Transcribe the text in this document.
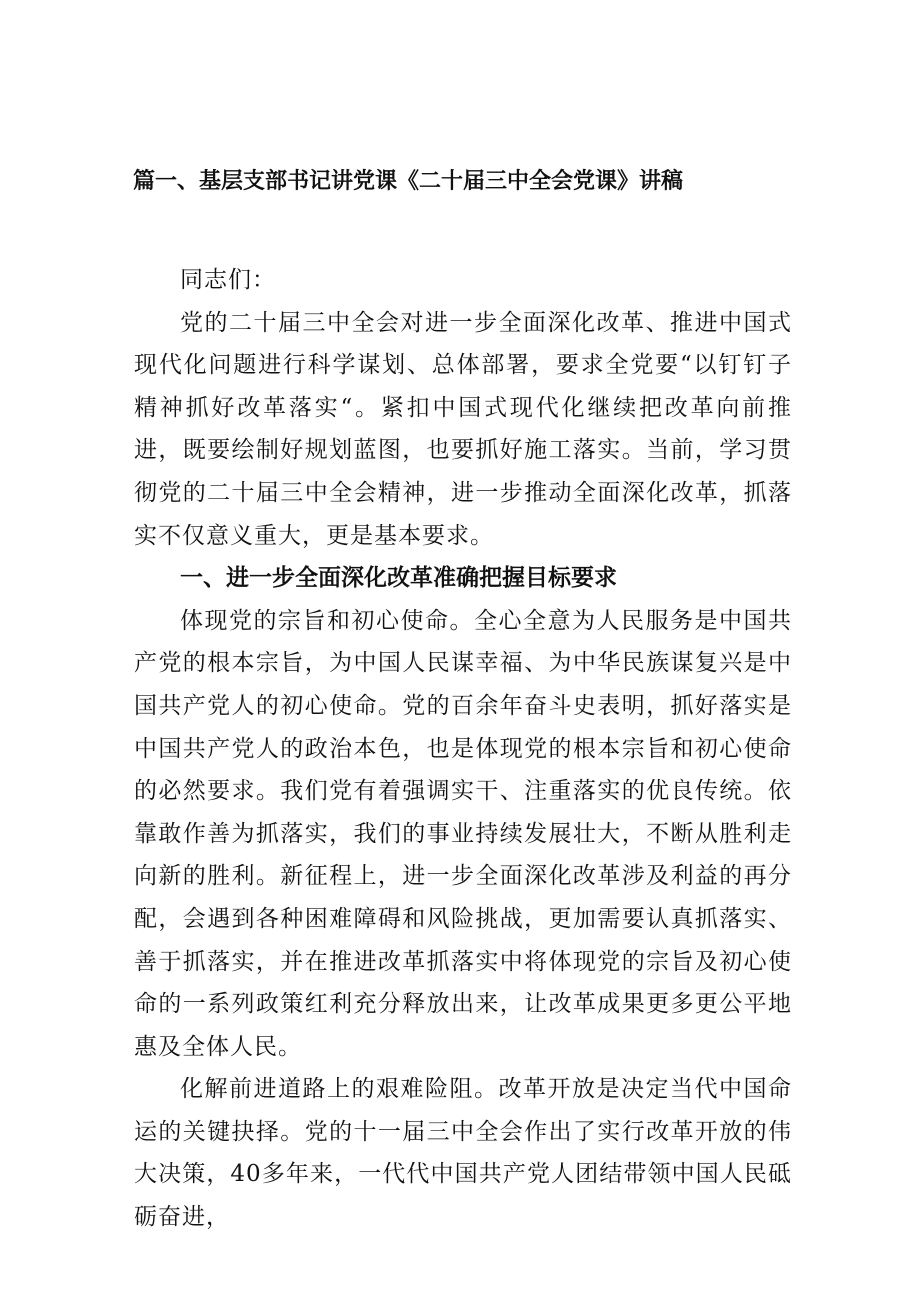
篇一、基层支部书记讲党课《二十届三中全会党课》讲稿

同志们：

党的二十届三中全会对进一步全面深化改革、推进中国式现代化问题进行科学谋划、总体部署，要求全党要“以钉钉子精神抓好改革落实“。紧扣中国式现代化继续把改革向前推进，既要绘制好规划蓝图，也要抓好施工落实。当前，学习贯彻党的二十届三中全会精神，进一步推动全面深化改革，抓落实不仅意义重大，更是基本要求。

一、进一步全面深化改革准确把握目标要求

体现党的宗旨和初心使命。全心全意为人民服务是中国共产党的根本宗旨，为中国人民谋幸福、为中华民族谋复兴是中国共产党人的初心使命。党的百余年奋斗史表明，抓好落实是中国共产党人的政治本色，也是体现党的根本宗旨和初心使命的必然要求。我们党有着强调实干、注重落实的优良传统。依靠敢作善为抓落实，我们的事业持续发展壮大，不断从胜利走向新的胜利。新征程上，进一步全面深化改革涉及利益的再分配，会遇到各种困难障碍和风险挑战，更加需要认真抓落实、善于抓落实，并在推进改革抓落实中将体现党的宗旨及初心使命的一系列政策红利充分释放出来，让改革成果更多更公平地惠及全体人民。

化解前进道路上的艰难险阻。改革开放是决定当代中国命运的关键抉择。党的十一届三中全会作出了实行改革开放的伟大决策，40多年来，一代代中国共产党人团结带领中国人民砥砺奋进，
